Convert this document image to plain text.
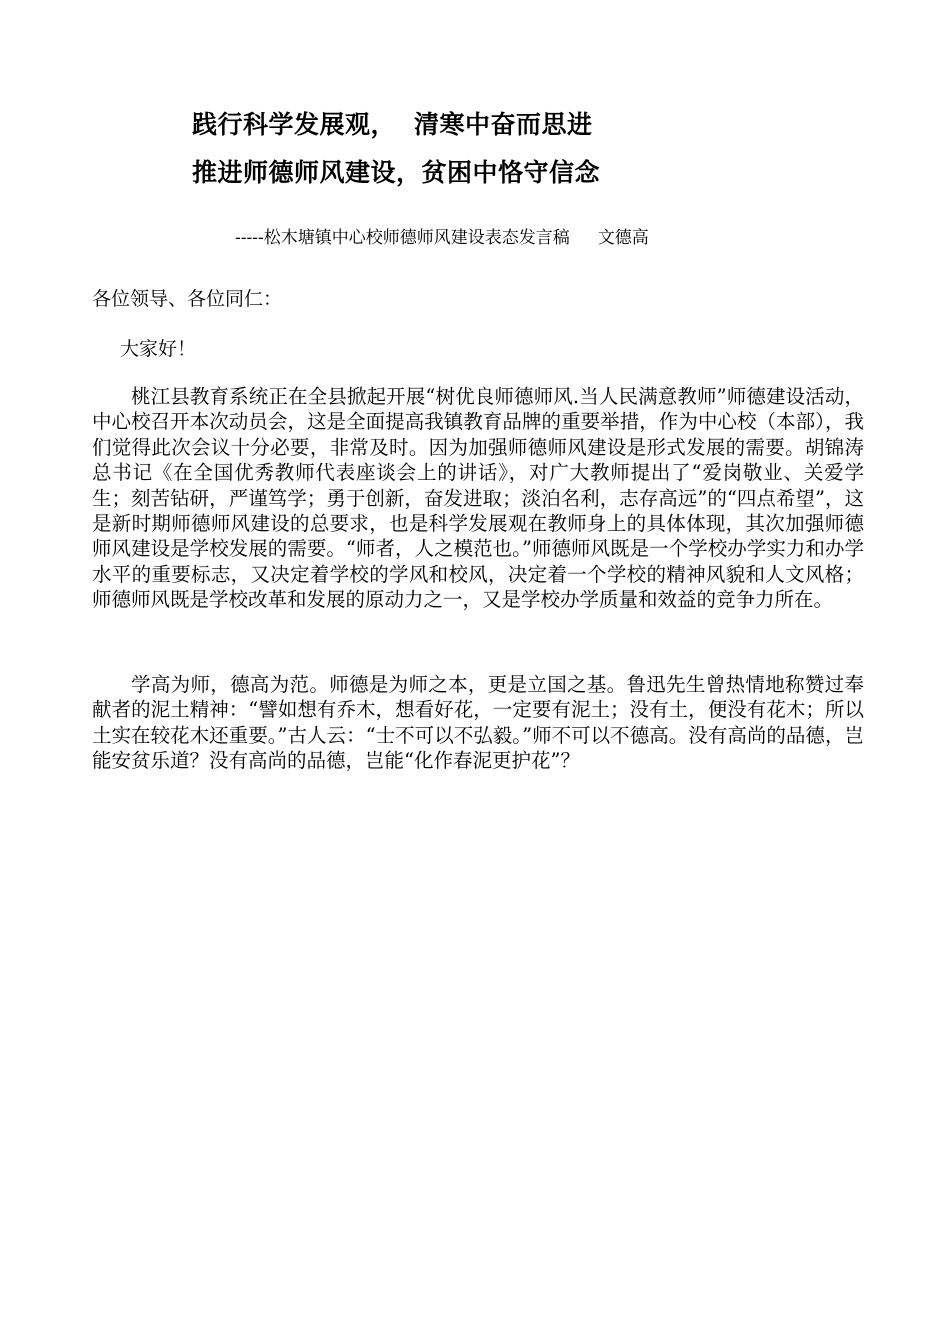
践行科学发展观， 清寒中奋而思进
推进师德师风建设，贫困中恪守信念
-----松木塘镇中心校师德师风建设表态发言稿 文德高
各位领导、各位同仁：
大家好！

桃江县教育系统正在全县掀起开展“树优良师德师风.当人民满意教师”师德建设活动，中心校召开本次动员会，这是全面提高我镇教育品牌的重要举措，作为中心校（本部），我们觉得此次会议十分必要，非常及时。因为加强师德师风建设是形式发展的需要。胡锦涛总书记《在全国优秀教师代表座谈会上的讲话》，对广大教师提出了“爱岗敬业、关爱学生；刻苦钻研，严谨笃学；勇于创新，奋发进取；淡泊名利，志存高远”的“四点希望”，这是新时期师德师风建设的总要求，也是科学发展观在教师身上的具体体现，其次加强师德师风建设是学校发展的需要。“师者，人之模范也。”师德师风既是一个学校办学实力和办学水平的重要标志，又决定着学校的学风和校风，决定着一个学校的精神风貌和人文风格；师德师风既是学校改革和发展的原动力之一，又是学校办学质量和效益的竞争力所在。

学高为师，德高为范。师德是为师之本，更是立国之基。鲁迅先生曾热情地称赞过奉献者的泥土精神：“譬如想有乔木，想看好花，一定要有泥土；没有土，便没有花木；所以土实在较花木还重要。”古人云：“士不可以不弘毅。”师不可以不德高。没有高尚的品德，岂能安贫乐道？没有高尚的品德，岂能“化作春泥更护花”？
